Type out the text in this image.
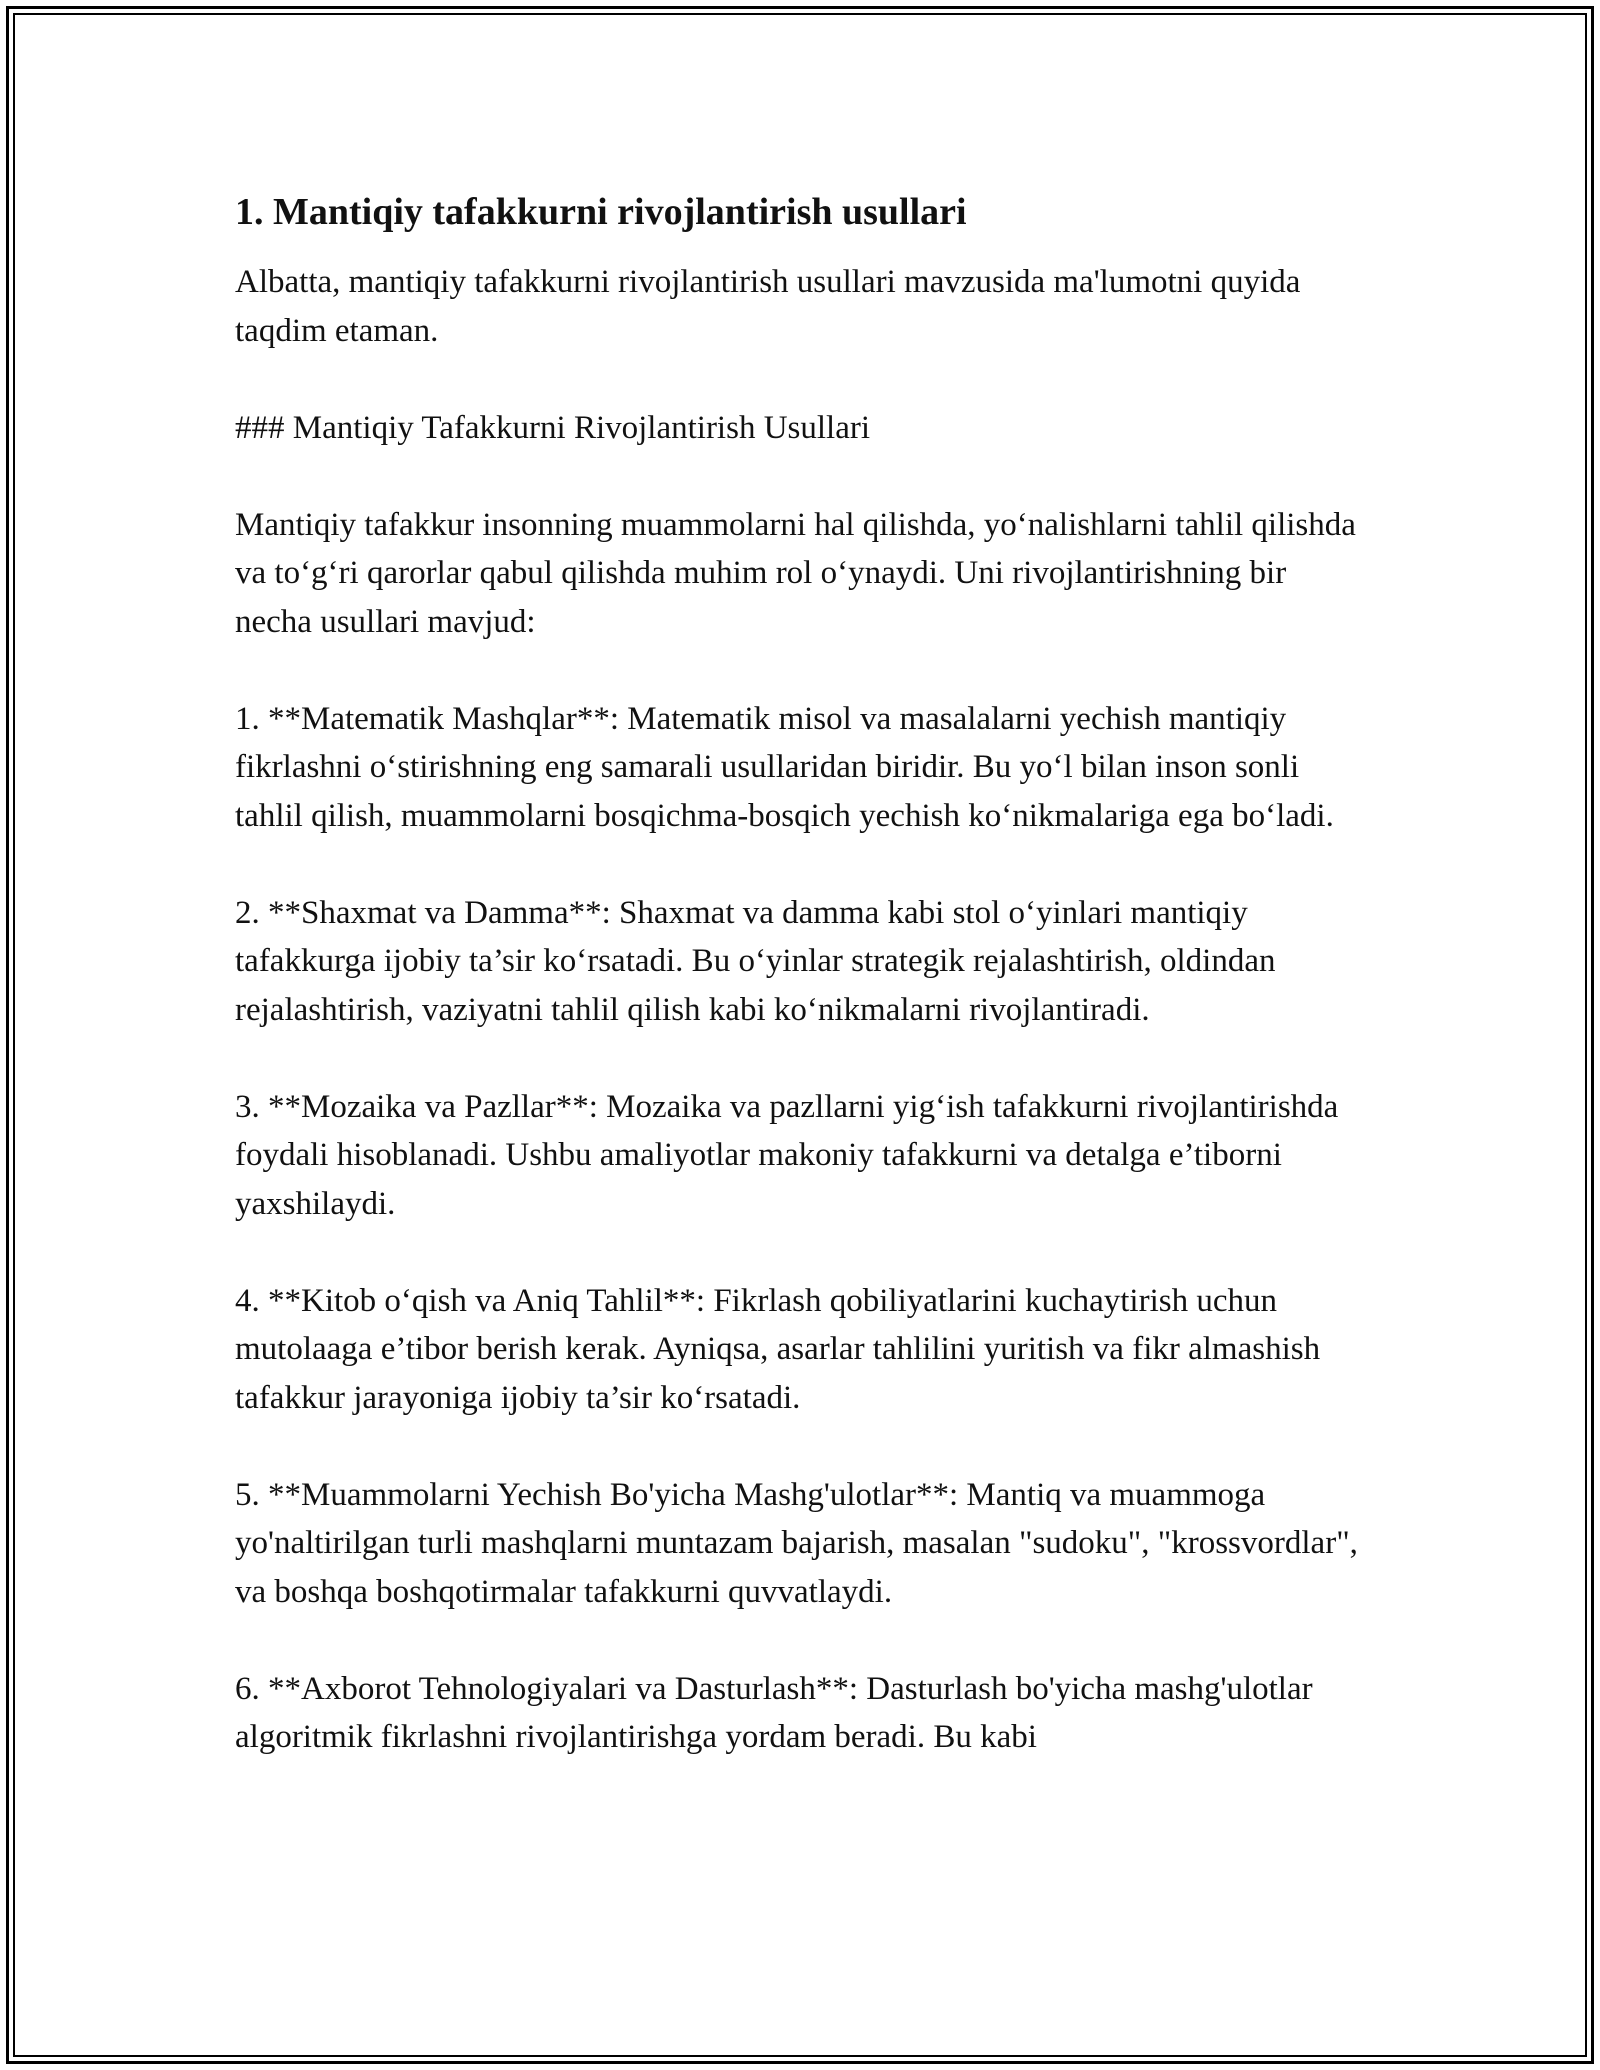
1. Mantiqiy tafakkurni rivojlantirish usullari

Albatta, mantiqiy tafakkurni rivojlantirish usullari mavzusida ma'lumotni quyida taqdim etaman.

### Mantiqiy Tafakkurni Rivojlantirish Usullari

Mantiqiy tafakkur insonning muammolarni hal qilishda, yo‘nalishlarni tahlil qilishda va to‘g‘ri qarorlar qabul qilishda muhim rol o‘ynaydi. Uni rivojlantirishning bir necha usullari mavjud:

1. **Matematik Mashqlar**: Matematik misol va masalalarni yechish mantiqiy fikrlashni o‘stirishning eng samarali usullaridan biridir. Bu yo‘l bilan inson sonli tahlil qilish, muammolarni bosqichma-bosqich yechish ko‘nikmalariga ega bo‘ladi.

2. **Shaxmat va Damma**: Shaxmat va damma kabi stol o‘yinlari mantiqiy tafakkurga ijobiy ta’sir ko‘rsatadi. Bu o‘yinlar strategik rejalashtirish, oldindan rejalashtirish, vaziyatni tahlil qilish kabi ko‘nikmalarni rivojlantiradi.

3. **Mozaika va Pazllar**: Mozaika va pazllarni yig‘ish tafakkurni rivojlantirishda foydali hisoblanadi. Ushbu amaliyotlar makoniy tafakkurni va detalga e’tiborni yaxshilaydi.

4. **Kitob o‘qish va Aniq Tahlil**: Fikrlash qobiliyatlarini kuchaytirish uchun mutolaaga e’tibor berish kerak. Ayniqsa, asarlar tahlilini yuritish va fikr almashish tafakkur jarayoniga ijobiy ta’sir ko‘rsatadi.

5. **Muammolarni Yechish Bo'yicha Mashg'ulotlar**: Mantiq va muammoga yo'naltirilgan turli mashqlarni muntazam bajarish, masalan "sudoku", "krossvordlar", va boshqa boshqotirmalar tafakkurni quvvatlaydi.

6. **Axborot Tehnologiyalari va Dasturlash**: Dasturlash bo'yicha mashg'ulotlar algoritmik fikrlashni rivojlantirishga yordam beradi. Bu kabi
